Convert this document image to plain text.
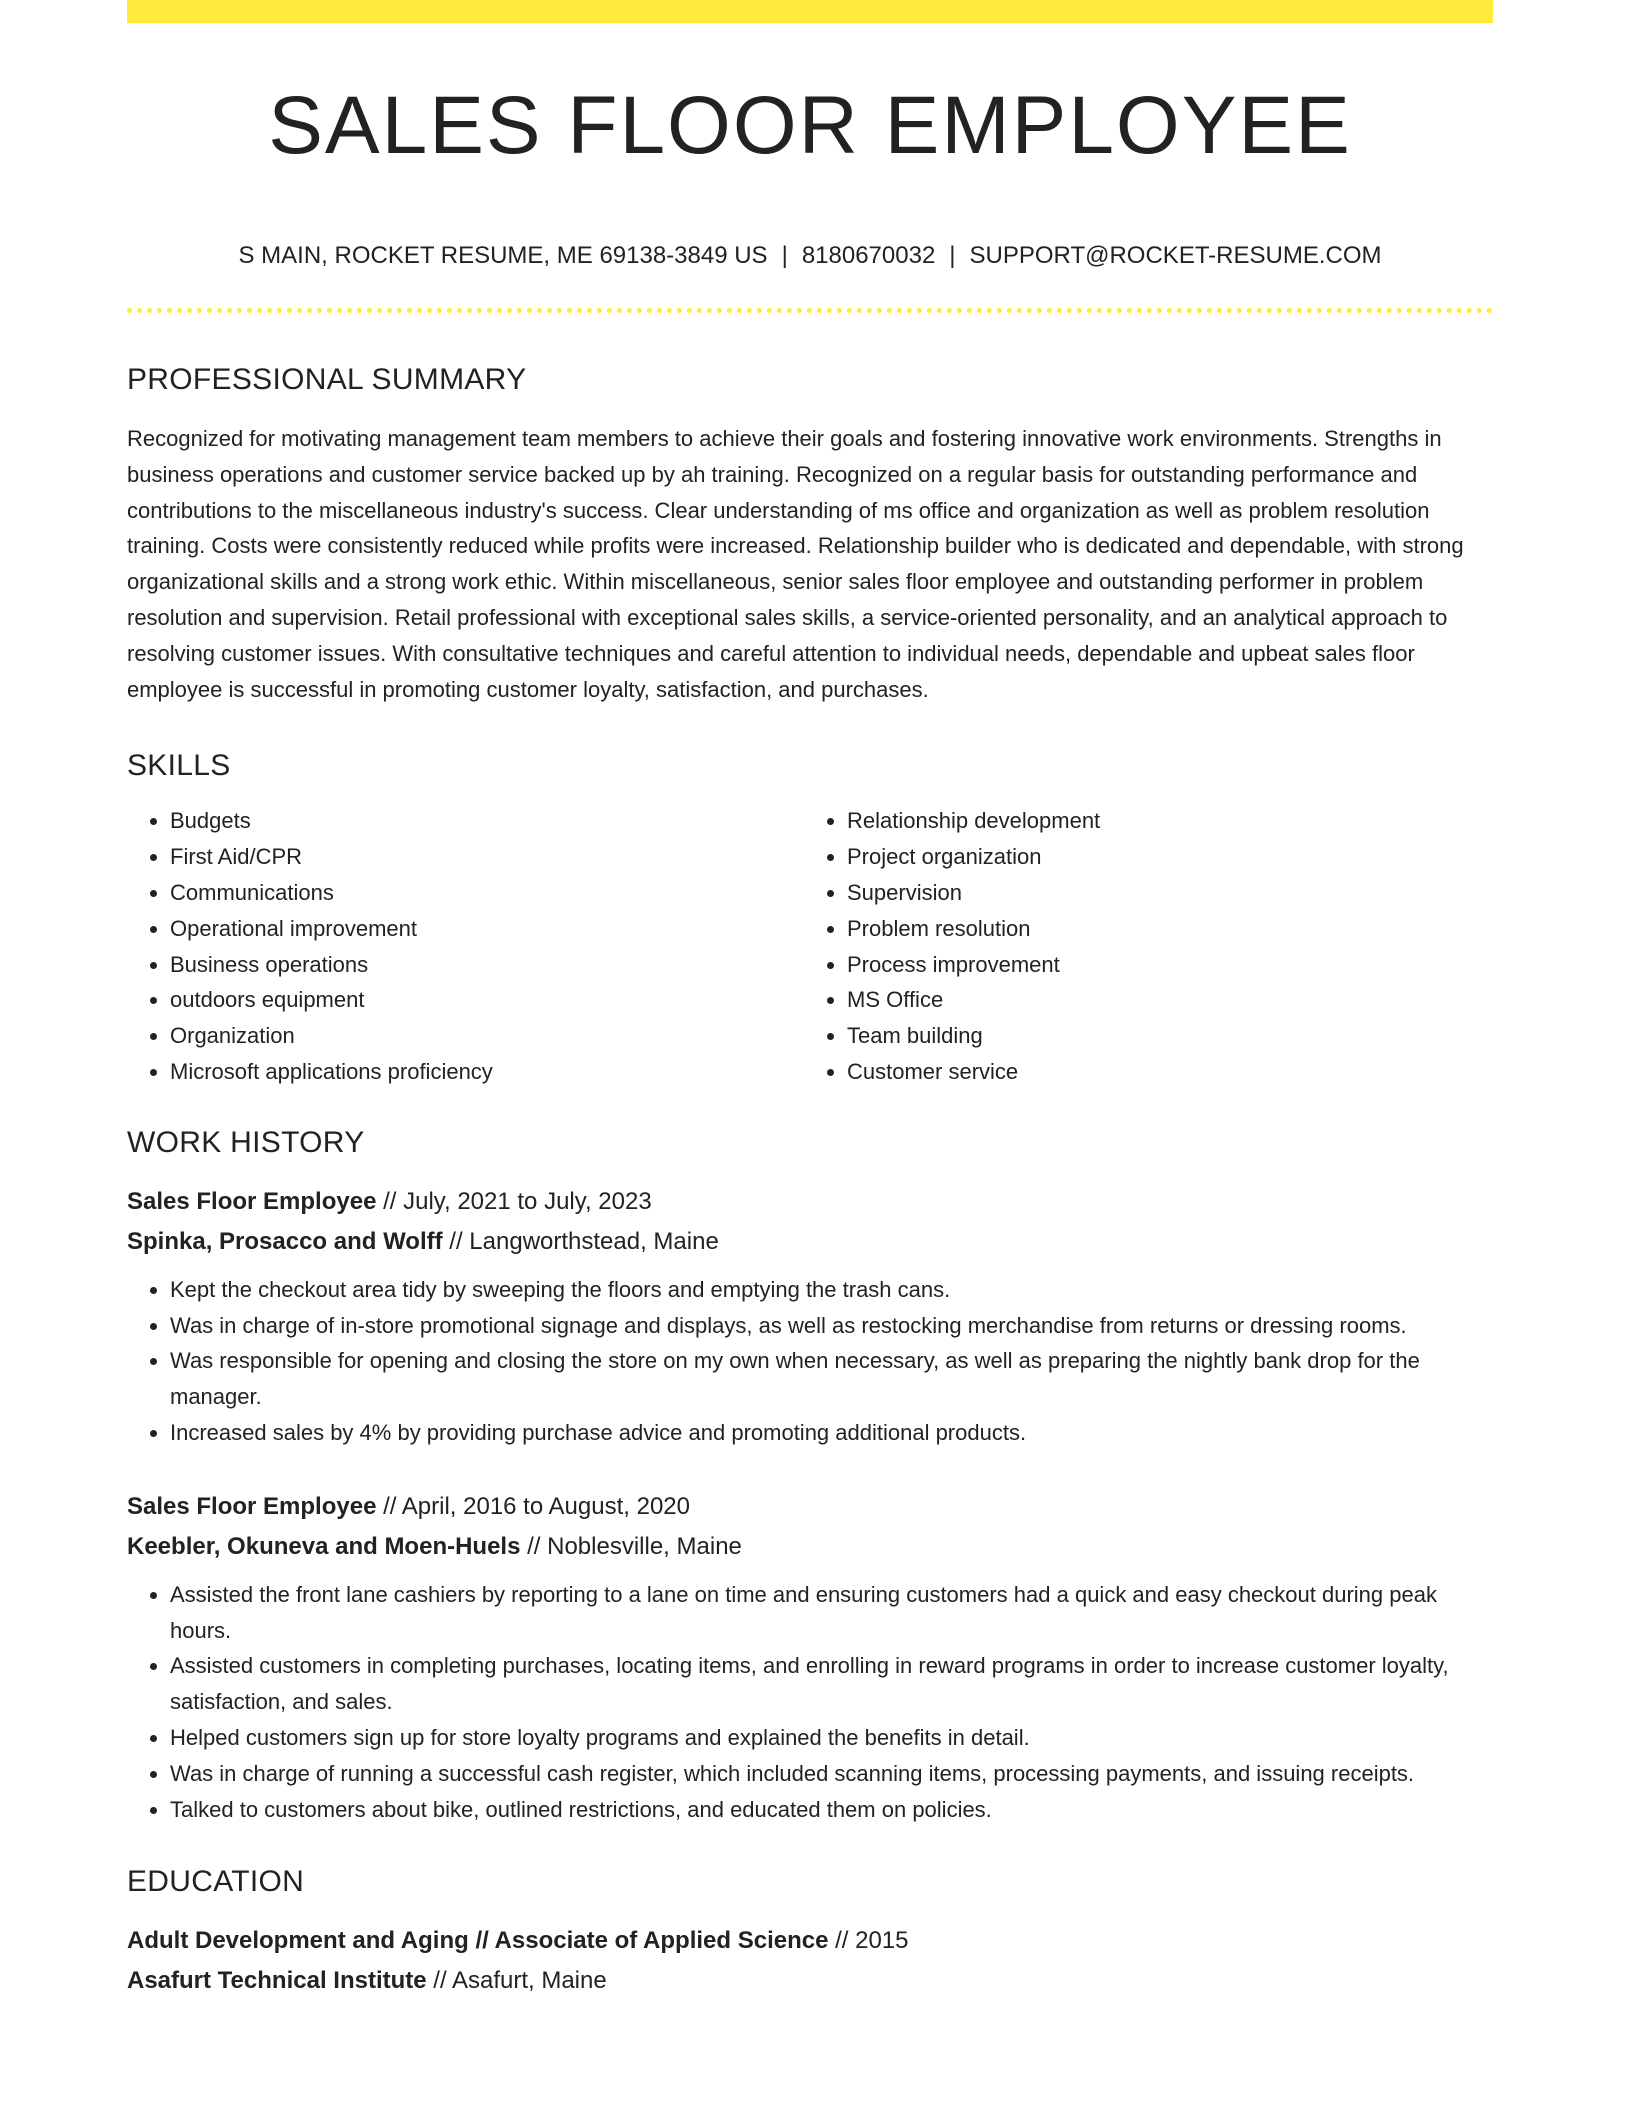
SALES FLOOR EMPLOYEE
S MAIN, ROCKET RESUME, ME 69138-3849 US | 8180670032 | SUPPORT@ROCKET-RESUME.COM
PROFESSIONAL SUMMARY
Recognized for motivating management team members to achieve their goals and fostering innovative work environments. Strengths in business operations and customer service backed up by ah training. Recognized on a regular basis for outstanding performance and contributions to the miscellaneous industry's success. Clear understanding of ms office and organization as well as problem resolution training. Costs were consistently reduced while profits were increased. Relationship builder who is dedicated and dependable, with strong organizational skills and a strong work ethic. Within miscellaneous, senior sales floor employee and outstanding performer in problem resolution and supervision. Retail professional with exceptional sales skills, a service-oriented personality, and an analytical approach to resolving customer issues. With consultative techniques and careful attention to individual needs, dependable and upbeat sales floor employee is successful in promoting customer loyalty, satisfaction, and purchases.
SKILLS
• Budgets
• First Aid/CPR
• Communications
• Operational improvement
• Business operations
• outdoors equipment
• Organization
• Microsoft applications proficiency
• Relationship development
• Project organization
• Supervision
• Problem resolution
• Process improvement
• MS Office
• Team building
• Customer service
WORK HISTORY
Sales Floor Employee // July, 2021 to July, 2023
Spinka, Prosacco and Wolff // Langworthstead, Maine
• Kept the checkout area tidy by sweeping the floors and emptying the trash cans.
• Was in charge of in-store promotional signage and displays, as well as restocking merchandise from returns or dressing rooms.
• Was responsible for opening and closing the store on my own when necessary, as well as preparing the nightly bank drop for the manager.
• Increased sales by 4% by providing purchase advice and promoting additional products.
Sales Floor Employee // April, 2016 to August, 2020
Keebler, Okuneva and Moen-Huels // Noblesville, Maine
• Assisted the front lane cashiers by reporting to a lane on time and ensuring customers had a quick and easy checkout during peak hours.
• Assisted customers in completing purchases, locating items, and enrolling in reward programs in order to increase customer loyalty, satisfaction, and sales.
• Helped customers sign up for store loyalty programs and explained the benefits in detail.
• Was in charge of running a successful cash register, which included scanning items, processing payments, and issuing receipts.
• Talked to customers about bike, outlined restrictions, and educated them on policies.
EDUCATION
Adult Development and Aging // Associate of Applied Science // 2015
Asafurt Technical Institute // Asafurt, Maine
